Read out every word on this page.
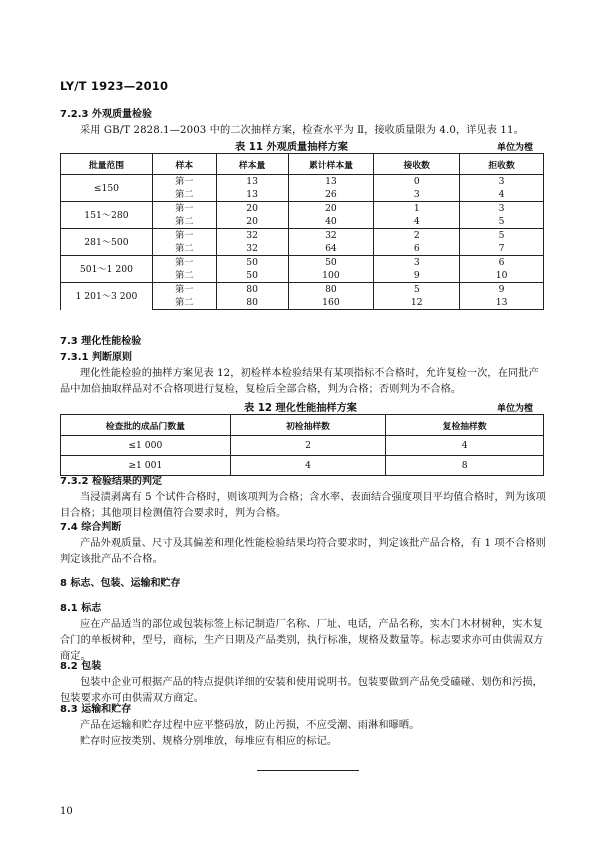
LY/T 1923—2010
7.2.3 外观质量检验
采用 GB/T 2828.1—2003 中的二次抽样方案，检查水平为 Ⅱ，接收质量限为 4.0，详见表 11。
表 11 外观质量抽样方案	单位为樘
批量范围	样本	样本量	累计样本量	接收数	拒收数
≤150	第一	13	13	0	3
	第二	13	26	3	4
151～280	第一	20	20	1	3
	第二	20	40	4	5
281～500	第一	32	32	2	5
	第二	32	64	6	7
501～1 200	第一	50	50	3	6
	第二	50	100	9	10
1 201～3 200	第一	80	80	5	9
	第二	80	160	12	13
7.3 理化性能检验
7.3.1 判断原则
理化性能检验的抽样方案见表 12，初检样本检验结果有某项指标不合格时，允许复检一次，在同批产品中加倍抽取样品对不合格项进行复检，复检后全部合格，判为合格；否则判为不合格。
表 12 理化性能抽样方案	单位为樘
检查批的成品门数量	初检抽样数	复检抽样数
≤1 000	2	4
≥1 001	4	8
7.3.2 检验结果的判定
当浸渍剥离有 5 个试件合格时，则该项判为合格；含水率、表面结合强度项目平均值合格时，判为该项目合格；其他项目检测值符合要求时，判为合格。
7.4 综合判断
产品外观质量、尺寸及其偏差和理化性能检验结果均符合要求时，判定该批产品合格，有 1 项不合格则判定该批产品不合格。
8 标志、包装、运输和贮存
8.1 标志
应在产品适当的部位或包装标签上标记制造厂名称、厂址、电话，产品名称，实木门木材树种，实木复合门的单板树种，型号，商标，生产日期及产品类别，执行标准，规格及数量等。标志要求亦可由供需双方商定。
8.2 包装
包装中企业可根据产品的特点提供详细的安装和使用说明书。包装要做到产品免受磕碰、划伤和污损，包装要求亦可由供需双方商定。
8.3 运输和贮存
产品在运输和贮存过程中应平整码放，防止污损，不应受潮、雨淋和曝晒。
贮存时应按类别、规格分别堆放，每堆应有相应的标记。
10
